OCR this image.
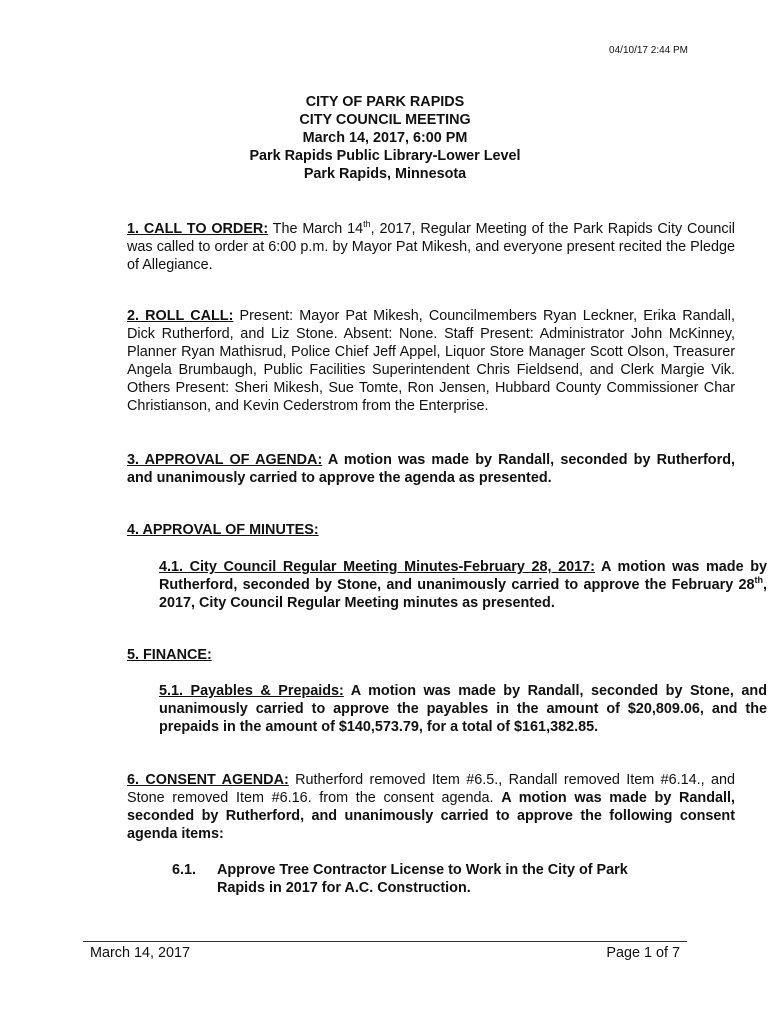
04/10/17 2:44 PM
CITY OF PARK RAPIDS
CITY COUNCIL MEETING
March 14, 2017, 6:00 PM
Park Rapids Public Library-Lower Level
Park Rapids, Minnesota
1. CALL TO ORDER: The March 14th, 2017, Regular Meeting of the Park Rapids City Council was called to order at 6:00 p.m. by Mayor Pat Mikesh, and everyone present recited the Pledge of Allegiance.
2. ROLL CALL: Present: Mayor Pat Mikesh, Councilmembers Ryan Leckner, Erika Randall, Dick Rutherford, and Liz Stone. Absent: None. Staff Present: Administrator John McKinney, Planner Ryan Mathisrud, Police Chief Jeff Appel, Liquor Store Manager Scott Olson, Treasurer Angela Brumbaugh, Public Facilities Superintendent Chris Fieldsend, and Clerk Margie Vik. Others Present: Sheri Mikesh, Sue Tomte, Ron Jensen, Hubbard County Commissioner Char Christianson, and Kevin Cederstrom from the Enterprise.
3. APPROVAL OF AGENDA: A motion was made by Randall, seconded by Rutherford, and unanimously carried to approve the agenda as presented.
4. APPROVAL OF MINUTES:
4.1. City Council Regular Meeting Minutes-February 28, 2017: A motion was made by Rutherford, seconded by Stone, and unanimously carried to approve the February 28th, 2017, City Council Regular Meeting minutes as presented.
5. FINANCE:
5.1. Payables & Prepaids: A motion was made by Randall, seconded by Stone, and unanimously carried to approve the payables in the amount of $20,809.06, and the prepaids in the amount of $140,573.79, for a total of $161,382.85.
6. CONSENT AGENDA: Rutherford removed Item #6.5., Randall removed Item #6.14., and Stone removed Item #6.16. from the consent agenda. A motion was made by Randall, seconded by Rutherford, and unanimously carried to approve the following consent agenda items:
6.1. Approve Tree Contractor License to Work in the City of Park Rapids in 2017 for A.C. Construction.
March 14, 2017	Page 1 of 7
